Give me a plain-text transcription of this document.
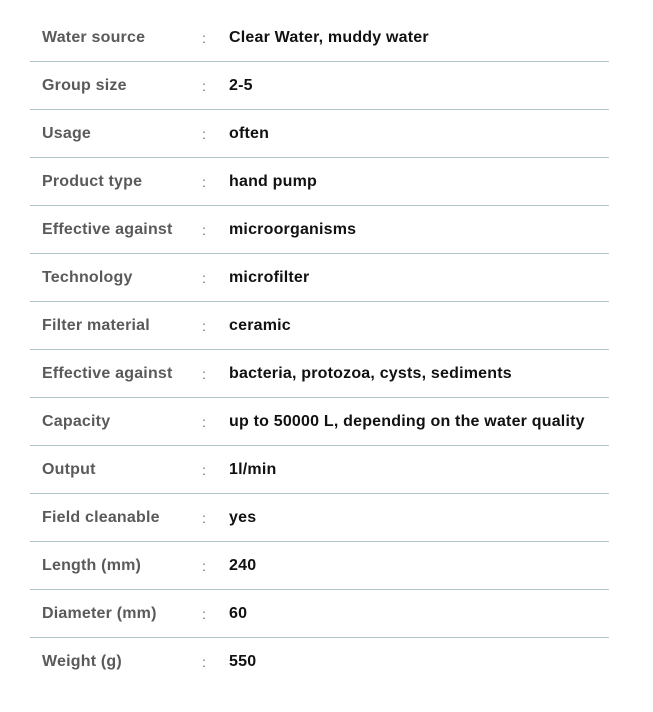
Water source	:	Clear Water, muddy water
Group size	:	2-5
Usage	:	often
Product type	:	hand pump
Effective against	:	microorganisms
Technology	:	microfilter
Filter material	:	ceramic
Effective against	:	bacteria, protozoa, cysts, sediments
Capacity	:	up to 50000 L, depending on the water quality
Output	:	1l/min
Field cleanable	:	yes
Length (mm)	:	240
Diameter (mm)	:	60
Weight (g)	:	550
